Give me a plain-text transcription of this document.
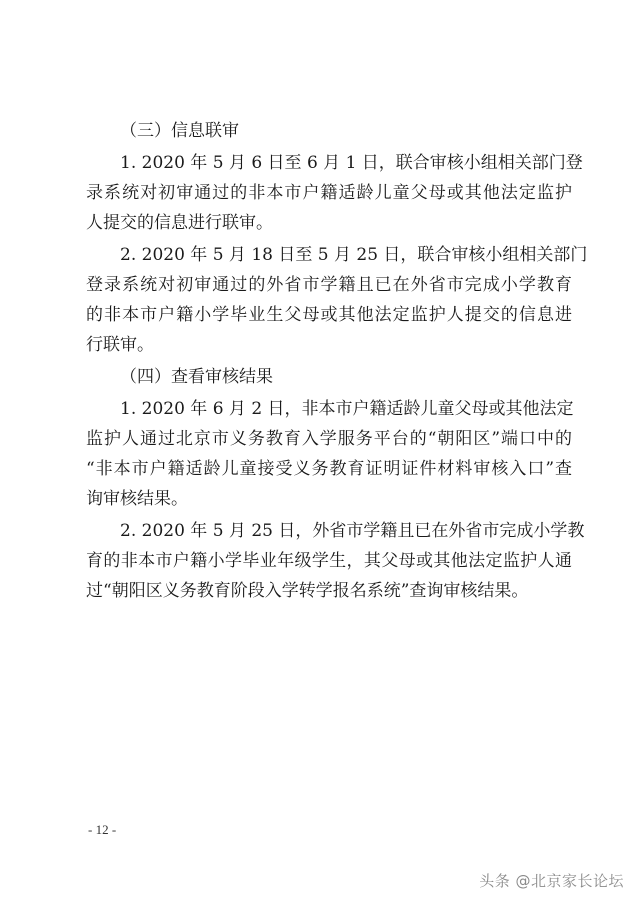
（三）信息联审
1. 2020 年 5 月 6 日至 6 月 1 日，联合审核小组相关部门登
录系统对初审通过的非本市户籍适龄儿童父母或其他法定监护
人提交的信息进行联审。
2. 2020 年 5 月 18 日至 5 月 25 日，联合审核小组相关部门
登录系统对初审通过的外省市学籍且已在外省市完成小学教育
的非本市户籍小学毕业生父母或其他法定监护人提交的信息进
行联审。
（四）查看审核结果
1. 2020 年 6 月 2 日，非本市户籍适龄儿童父母或其他法定
监护人通过北京市义务教育入学服务平台的“朝阳区”端口中的
“非本市户籍适龄儿童接受义务教育证明证件材料审核入口”查
询审核结果。
2. 2020 年 5 月 25 日，外省市学籍且已在外省市完成小学教
育的非本市户籍小学毕业年级学生，其父母或其他法定监护人通
过“朝阳区义务教育阶段入学转学报名系统”查询审核结果。
- 12 -
头条 @北京家长论坛
